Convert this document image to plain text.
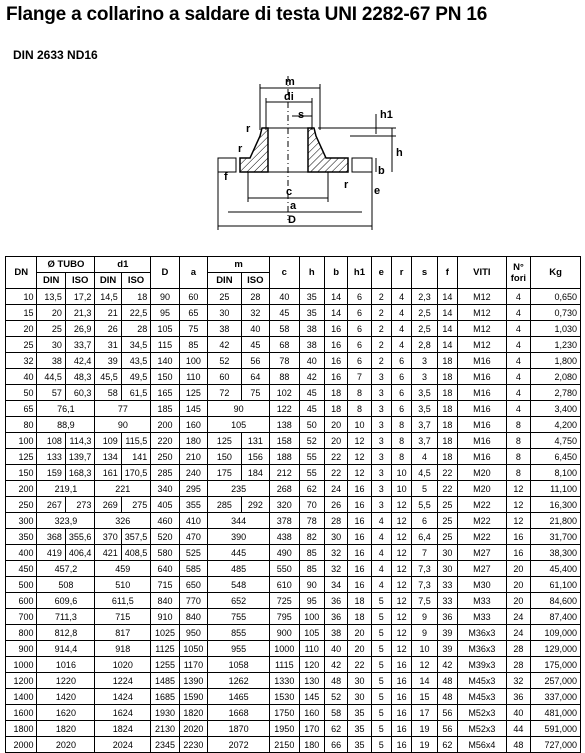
Flange a collarino a saldare di testa UNI 2282-67 PN 16
DIN 2633 ND16
m
di
s	h1
h
r
r
r
f	b
e
c
a
D
DN	Ø TUBO		d1		D	a	m		c	h	b	h1	e	r	s	f	VITI	N° fori	Kg
	DIN	ISO	DIN	ISO			DIN	ISO											
10	13,5	17,2	14,5	18	90	60	25	28	40	35	14	6	2	4	2,3	14	M12	4	0,650
15	20	21,3	21	22,5	95	65	30	32	45	35	14	6	2	4	2,5	14	M12	4	0,730
20	25	26,9	26	28	105	75	38	40	58	38	16	6	2	4	2,5	14	M12	4	1,030
25	30	33,7	31	34,5	115	85	42	45	68	38	16	6	2	4	2,8	14	M12	4	1,230
32	38	42,4	39	43,5	140	100	52	56	78	40	16	6	2	6	3	18	M16	4	1,800
40	44,5	48,3	45,5	49,5	150	110	60	64	88	42	16	7	3	6	3	18	M16	4	2,080
50	57	60,3	58	61,5	165	125	72	75	102	45	18	8	3	6	3,5	18	M16	4	2,780
65	76,1		77		185	145	90		122	45	18	8	3	6	3,5	18	M16	4	3,400
80	88,9		90		200	160	105		138	50	20	10	3	8	3,7	18	M16	8	4,200
100	108	114,3	109	115,5	220	180	125	131	158	52	20	12	3	8	3,7	18	M16	8	4,750
125	133	139,7	134	141	250	210	150	156	188	55	22	12	3	8	4	18	M16	8	6,450
150	159	168,3	161	170,5	285	240	175	184	212	55	22	12	3	10	4,5	22	M20	8	8,100
200	219,1		221		340	295	235		268	62	24	16	3	10	5	22	M20	12	11,100
250	267	273	269	275	405	355	285	292	320	70	26	16	3	12	5,5	25	M22	12	16,300
300	323,9		326		460	410	344		378	78	28	16	4	12	6	25	M22	12	21,800
350	368	355,6	370	357,5	520	470	390		438	82	30	16	4	12	6,4	25	M22	16	31,700
400	419	406,4	421	408,5	580	525	445		490	85	32	16	4	12	7	30	M27	16	38,300
450	457,2		459		640	585	485		550	85	32	16	4	12	7,3	30	M27	20	45,400
500	508		510		715	650	548		610	90	34	16	4	12	7,3	33	M30	20	61,100
600	609,6		611,5		840	770	652		725	95	36	18	5	12	7,5	33	M33	20	84,600
700	711,3		715		910	840	755		795	100	36	18	5	12	9	36	M33	24	87,400
800	812,8		817		1025	950	855		900	105	38	20	5	12	9	39	M36x3	24	109,000
900	914,4		918		1125	1050	955		1000	110	40	20	5	12	10	39	M36x3	28	129,000
1000	1016		1020		1255	1170	1058		1115	120	42	22	5	16	12	42	M39x3	28	175,000
1200	1220		1224		1485	1390	1262		1330	130	48	30	5	16	14	48	M45x3	32	257,000
1400	1420		1424		1685	1590	1465		1530	145	52	30	5	16	15	48	M45x3	36	337,000
1600	1620		1624		1930	1820	1668		1750	160	58	35	5	16	17	56	M52x3	40	481,000
1800	1820		1824		2130	2020	1870		1950	170	62	35	5	16	19	56	M52x3	44	591,000
2000	2020		2024		2345	2230	2072		2150	180	66	35	5	16	19	62	M56x4	48	727,000
